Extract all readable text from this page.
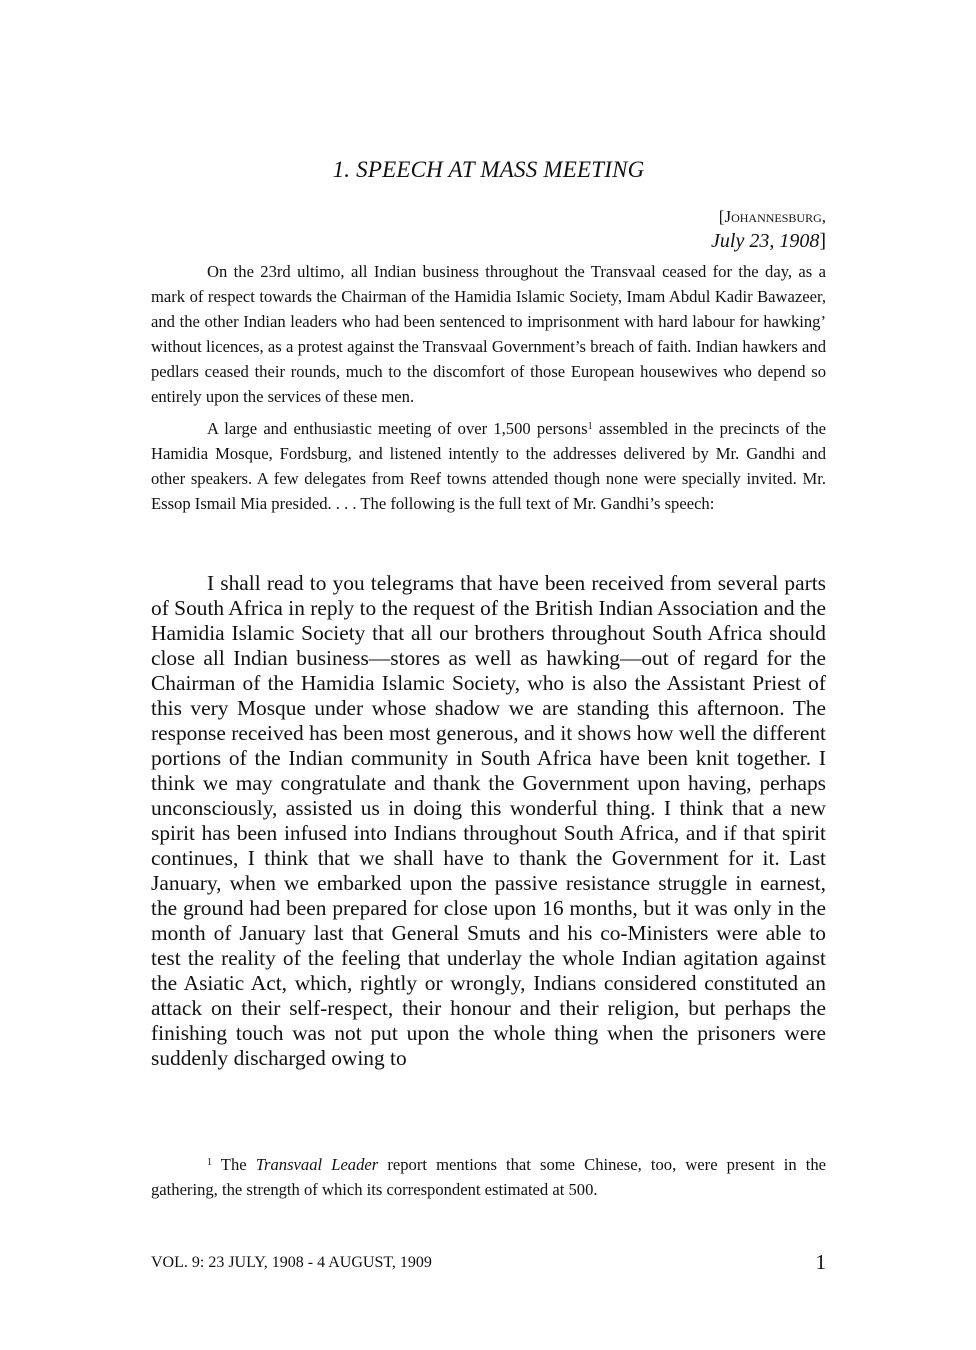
1. SPEECH AT MASS MEETING
[Johannesburg,
July 23, 1908]

On the 23rd ultimo, all Indian business throughout the Transvaal ceased for the day, as a mark of respect towards the Chairman of the Hamidia Islamic Society, Imam Abdul Kadir Bawazeer, and the other Indian leaders who had been sentenced to imprisonment with hard labour for hawking’ without licences, as a protest against the Transvaal Government’s breach of faith. Indian hawkers and pedlars ceased their rounds, much to the discomfort of those European housewives who depend so entirely upon the services of these men.

A large and enthusiastic meeting of over 1,500 persons$^1$ assembled in the precincts of the Hamidia Mosque, Fordsburg, and listened intently to the addresses delivered by Mr. Gandhi and other speakers. A few delegates from Reef towns attended though none were specially invited. Mr. Essop Ismail Mia presided. . . . The following is the full text of Mr. Gandhi’s speech:

I shall read to you telegrams that have been received from several parts of South Africa in reply to the request of the British Indian Association and the Hamidia Islamic Society that all our brothers throughout South Africa should close all Indian business—stores as well as hawking—out of regard for the Chairman of the Hamidia Islamic Society, who is also the Assistant Priest of this very Mosque under whose shadow we are standing this afternoon. The response received has been most generous, and it shows how well the different portions of the Indian community in South Africa have been knit together. I think we may congratulate and thank the Government upon having, perhaps unconsciously, assisted us in doing this wonderful thing. I think that a new spirit has been infused into Indians throughout South Africa, and if that spirit continues, I think that we shall have to thank the Government for it. Last January, when we embarked upon the passive resistance struggle in earnest, the ground had been prepared for close upon 16 months, but it was only in the month of January last that General Smuts and his co-Ministers were able to test the reality of the feeling that underlay the whole Indian agitation against the Asiatic Act, which, rightly or wrongly, Indians considered constituted an attack on their self-respect, their honour and their religion, but perhaps the finishing touch was not put upon the whole thing when the prisoners were suddenly discharged owing to

$^1$ The Transvaal Leader report mentions that some Chinese, too, were present in the gathering, the strength of which its correspondent estimated at 500.

VOL. 9: 23 JULY, 1908 - 4 AUGUST, 1909	1
